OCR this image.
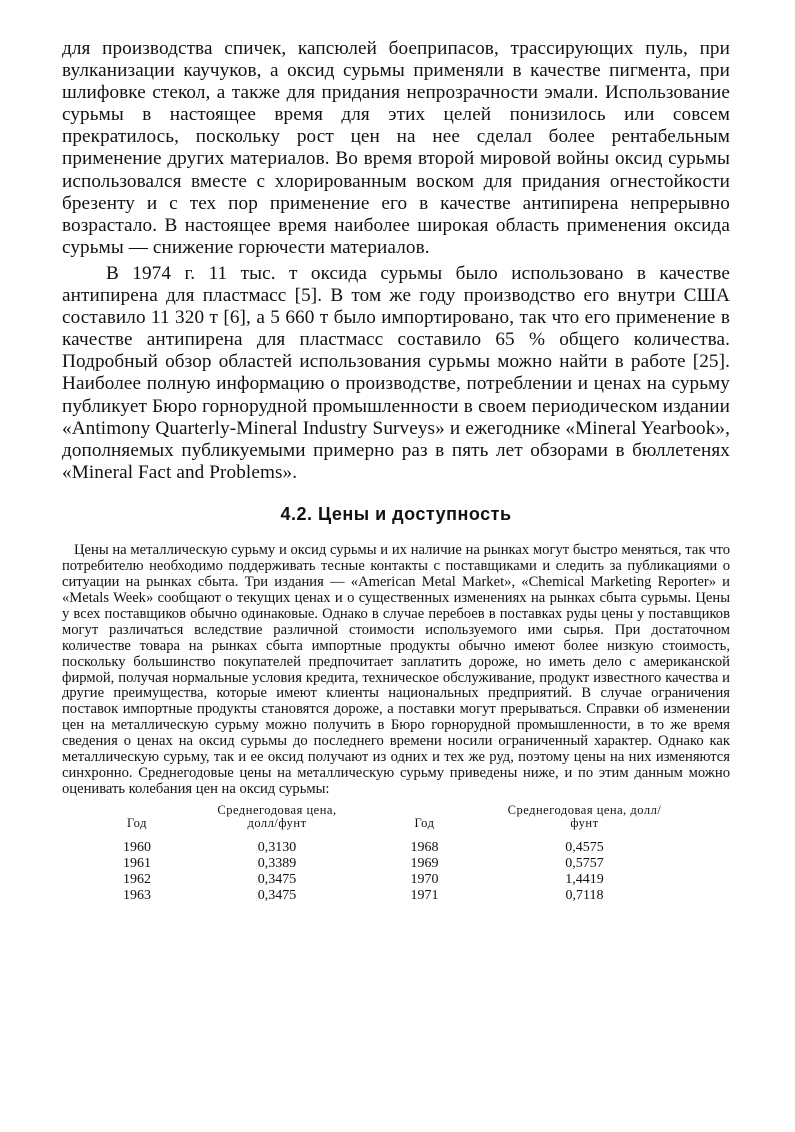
для производства спичек, капсюлей боеприпасов, трассирующих пуль, при вулканизации каучуков, а оксид сурьмы применяли в качестве пигмента, при шлифовке стекол, а также для придания непрозрачности эмали. Использование сурьмы в настоящее время для этих целей понизилось или совсем прекратилось, поскольку рост цен на нее сделал более рентабельным применение других материалов. Во время второй мировой войны оксид сурьмы использовался вместе с хлорированным воском для придания огнестойкости брезенту и с тех пор применение его в качестве антипирена непрерывно возрастало. В настоящее время наиболее широкая область применения оксида сурьмы — снижение горючести материалов.

В 1974 г. 11 тыс. т оксида сурьмы было использовано в качестве антипирена для пластмасс [5]. В том же году производство его внутри США составило 11 320 т [6], а 5 660 т было импортировано, так что его применение в качестве антипирена для пластмасс составило 65 % общего количества. Подробный обзор областей использования сурьмы можно найти в работе [25]. Наиболее полную информацию о производстве, потреблении и ценах на сурьму публикует Бюро горнорудной промышленности в своем периодическом издании «Antimony Quarterly-Mineral Industry Surveys» и ежегоднике «Mineral Yearbook», дополняемых публикуемыми примерно раз в пять лет обзорами в бюллетенях «Mineral Fact and Problems».

4.2. Цены и доступность

Цены на металлическую сурьму и оксид сурьмы и их наличие на рынках могут быстро меняться, так что потребителю необходимо поддерживать тесные контакты с поставщиками и следить за публикациями о ситуации на рынках сбыта. Три издания — «American Metal Market», «Chemical Marketing Reporter» и «Metals Week» сообщают о текущих ценах и о существенных изменениях на рынках сбыта сурьмы. Цены у всех поставщиков обычно одинаковые. Однако в случае перебоев в поставках руды цены у поставщиков могут различаться вследствие различной стоимости используемого ими сырья. При достаточном количестве товара на рынках сбыта импортные продукты обычно имеют более низкую стоимость, поскольку большинство покупателей предпочитает заплатить дороже, но иметь дело с американской фирмой, получая нормальные условия кредита, техническое обслуживание, продукт известного качества и другие преимущества, которые имеют клиенты национальных предприятий. В случае ограничения поставок импортные продукты становятся дороже, а поставки могут прерываться. Справки об изменении цен на металлическую сурьму можно получить в Бюро горнорудной промышленности, в то же время сведения о ценах на оксид сурьмы до последнего времени носили ограниченный характер. Однако как металлическую сурьму, так и ее оксид получают из одних и тех же руд, поэтому цены на них изменяются синхронно. Среднегодовые цены на металлическую сурьму приведены ниже, и по этим данным можно оценивать колебания цен на оксид сурьмы:

Год	Среднегодовая цена, долл/фунт	Год	Среднегодовая цена, долл/фунт
1960	0,3130	1968	0,4575
1961	0,3389	1969	0,5757
1962	0,3475	1970	1,4419
1963	0,3475	1971	0,7118
